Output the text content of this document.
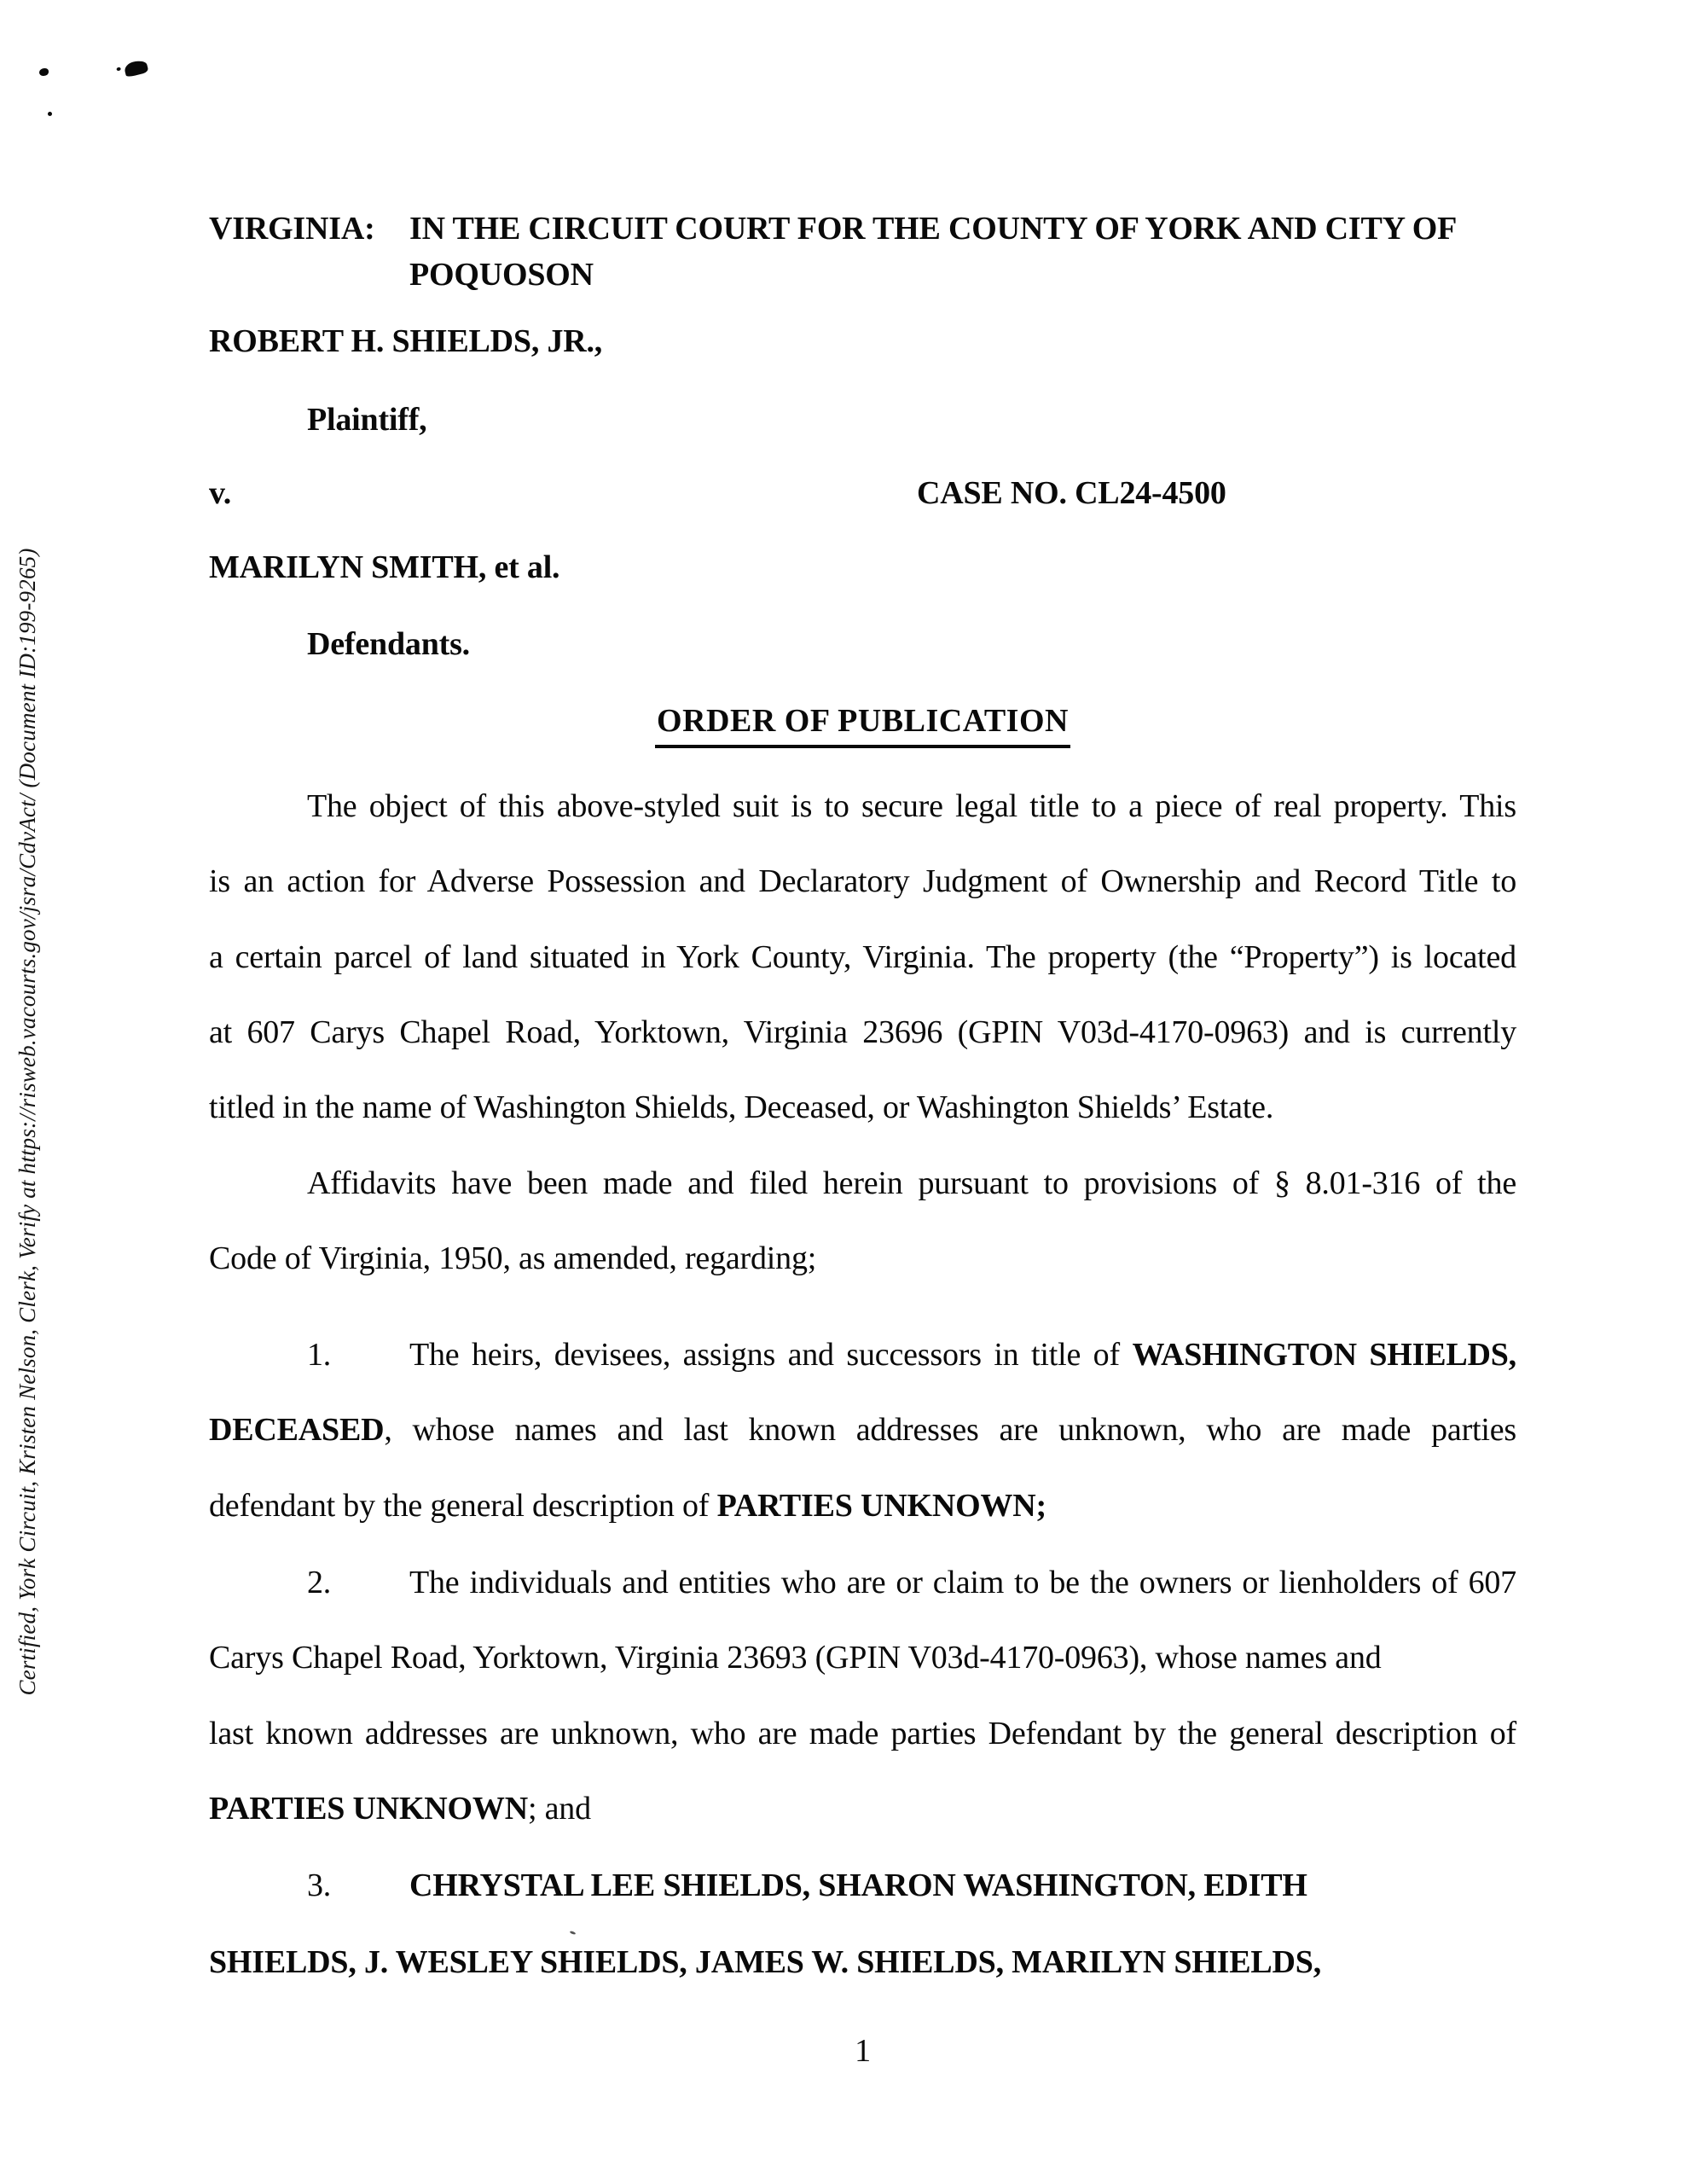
Certified, York Circuit, Kristen Nelson, Clerk, Verify at https://risweb.vacourts.gov/jsra/CdvAct/ (Document ID:199-9265)
VIRGINIA: IN THE CIRCUIT COURT FOR THE COUNTY OF YORK AND CITY OF
POQUOSON
ROBERT H. SHIELDS, JR.,
Plaintiff,
v.	CASE NO. CL24-4500
MARILYN SMITH, et al.
Defendants.
ORDER OF PUBLICATION
The object of this above-styled suit is to secure legal title to a piece of real property. This
is an action for Adverse Possession and Declaratory Judgment of Ownership and Record Title to
a certain parcel of land situated in York County, Virginia. The property (the “Property”) is located
at 607 Carys Chapel Road, Yorktown, Virginia 23696 (GPIN V03d-4170-0963) and is currently
titled in the name of Washington Shields, Deceased, or Washington Shields’ Estate.
Affidavits have been made and filed herein pursuant to provisions of § 8.01-316 of the
Code of Virginia, 1950, as amended, regarding;
1. The heirs, devisees, assigns and successors in title of WASHINGTON SHIELDS,
DECEASED, whose names and last known addresses are unknown, who are made parties
defendant by the general description of PARTIES UNKNOWN;
2. The individuals and entities who are or claim to be the owners or lienholders of 607
Carys Chapel Road, Yorktown, Virginia 23693 (GPIN V03d-4170-0963), whose names and
last known addresses are unknown, who are made parties Defendant by the general description of
PARTIES UNKNOWN; and
3. CHRYSTAL LEE SHIELDS, SHARON WASHINGTON, EDITH
SHIELDS, J. WESLEY SHIELDS, JAMES W. SHIELDS, MARILYN SHIELDS,
1
